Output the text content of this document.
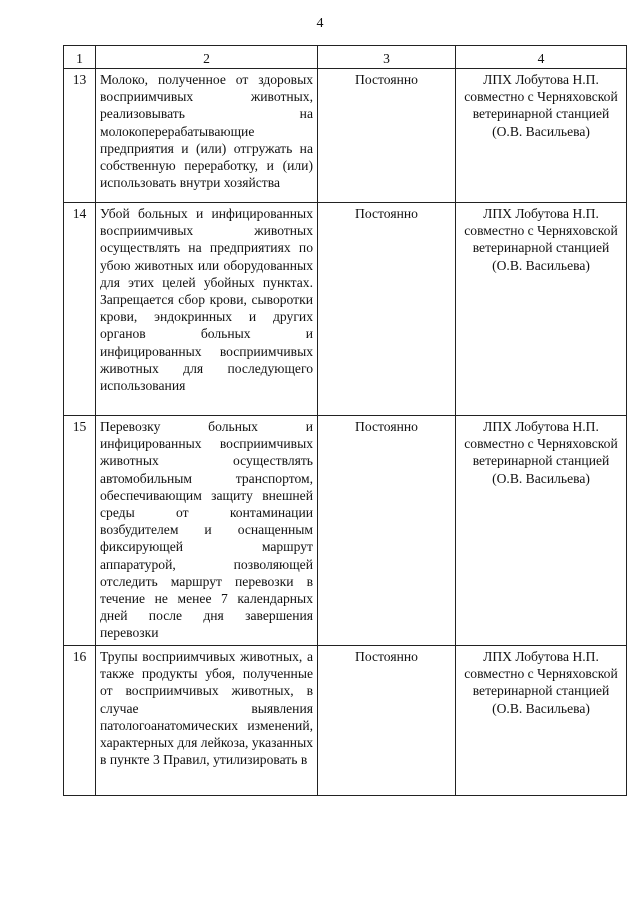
4
1	2	3	4
13	Молоко, полученное от здоровых восприимчивых животных, реализовывать на молокоперерабатывающие предприятия и (или) отгружать на собственную переработку, и (или) использовать внутри хозяйства	Постоянно	ЛПХ Лобутова Н.П. совместно с Черняховской ветеринарной станцией (О.В. Васильева)
14	Убой больных и инфицированных восприимчивых животных осуществлять на предприятиях по убою животных или оборудованных для этих целей убойных пунктах. Запрещается сбор крови, сыворотки крови, эндокринных и других органов больных и инфицированных восприимчивых животных для последующего использования	Постоянно	ЛПХ Лобутова Н.П. совместно с Черняховской ветеринарной станцией (О.В. Васильева)
15	Перевозку больных и инфицированных восприимчивых животных осуществлять автомобильным транспортом, обеспечивающим защиту внешней среды от контаминации возбудителем и оснащенным фиксирующей маршрут аппаратурой, позволяющей отследить маршрут перевозки в течение не менее 7 календарных дней после дня завершения перевозки	Постоянно	ЛПХ Лобутова Н.П. совместно с Черняховской ветеринарной станцией (О.В. Васильева)
16	Трупы восприимчивых животных, а также продукты убоя, полученные от восприимчивых животных, в случае выявления патологоанатомических изменений, характерных для лейкоза, указанных в пункте 3 Правил, утилизировать в	Постоянно	ЛПХ Лобутова Н.П. совместно с Черняховской ветеринарной станцией (О.В. Васильева)
